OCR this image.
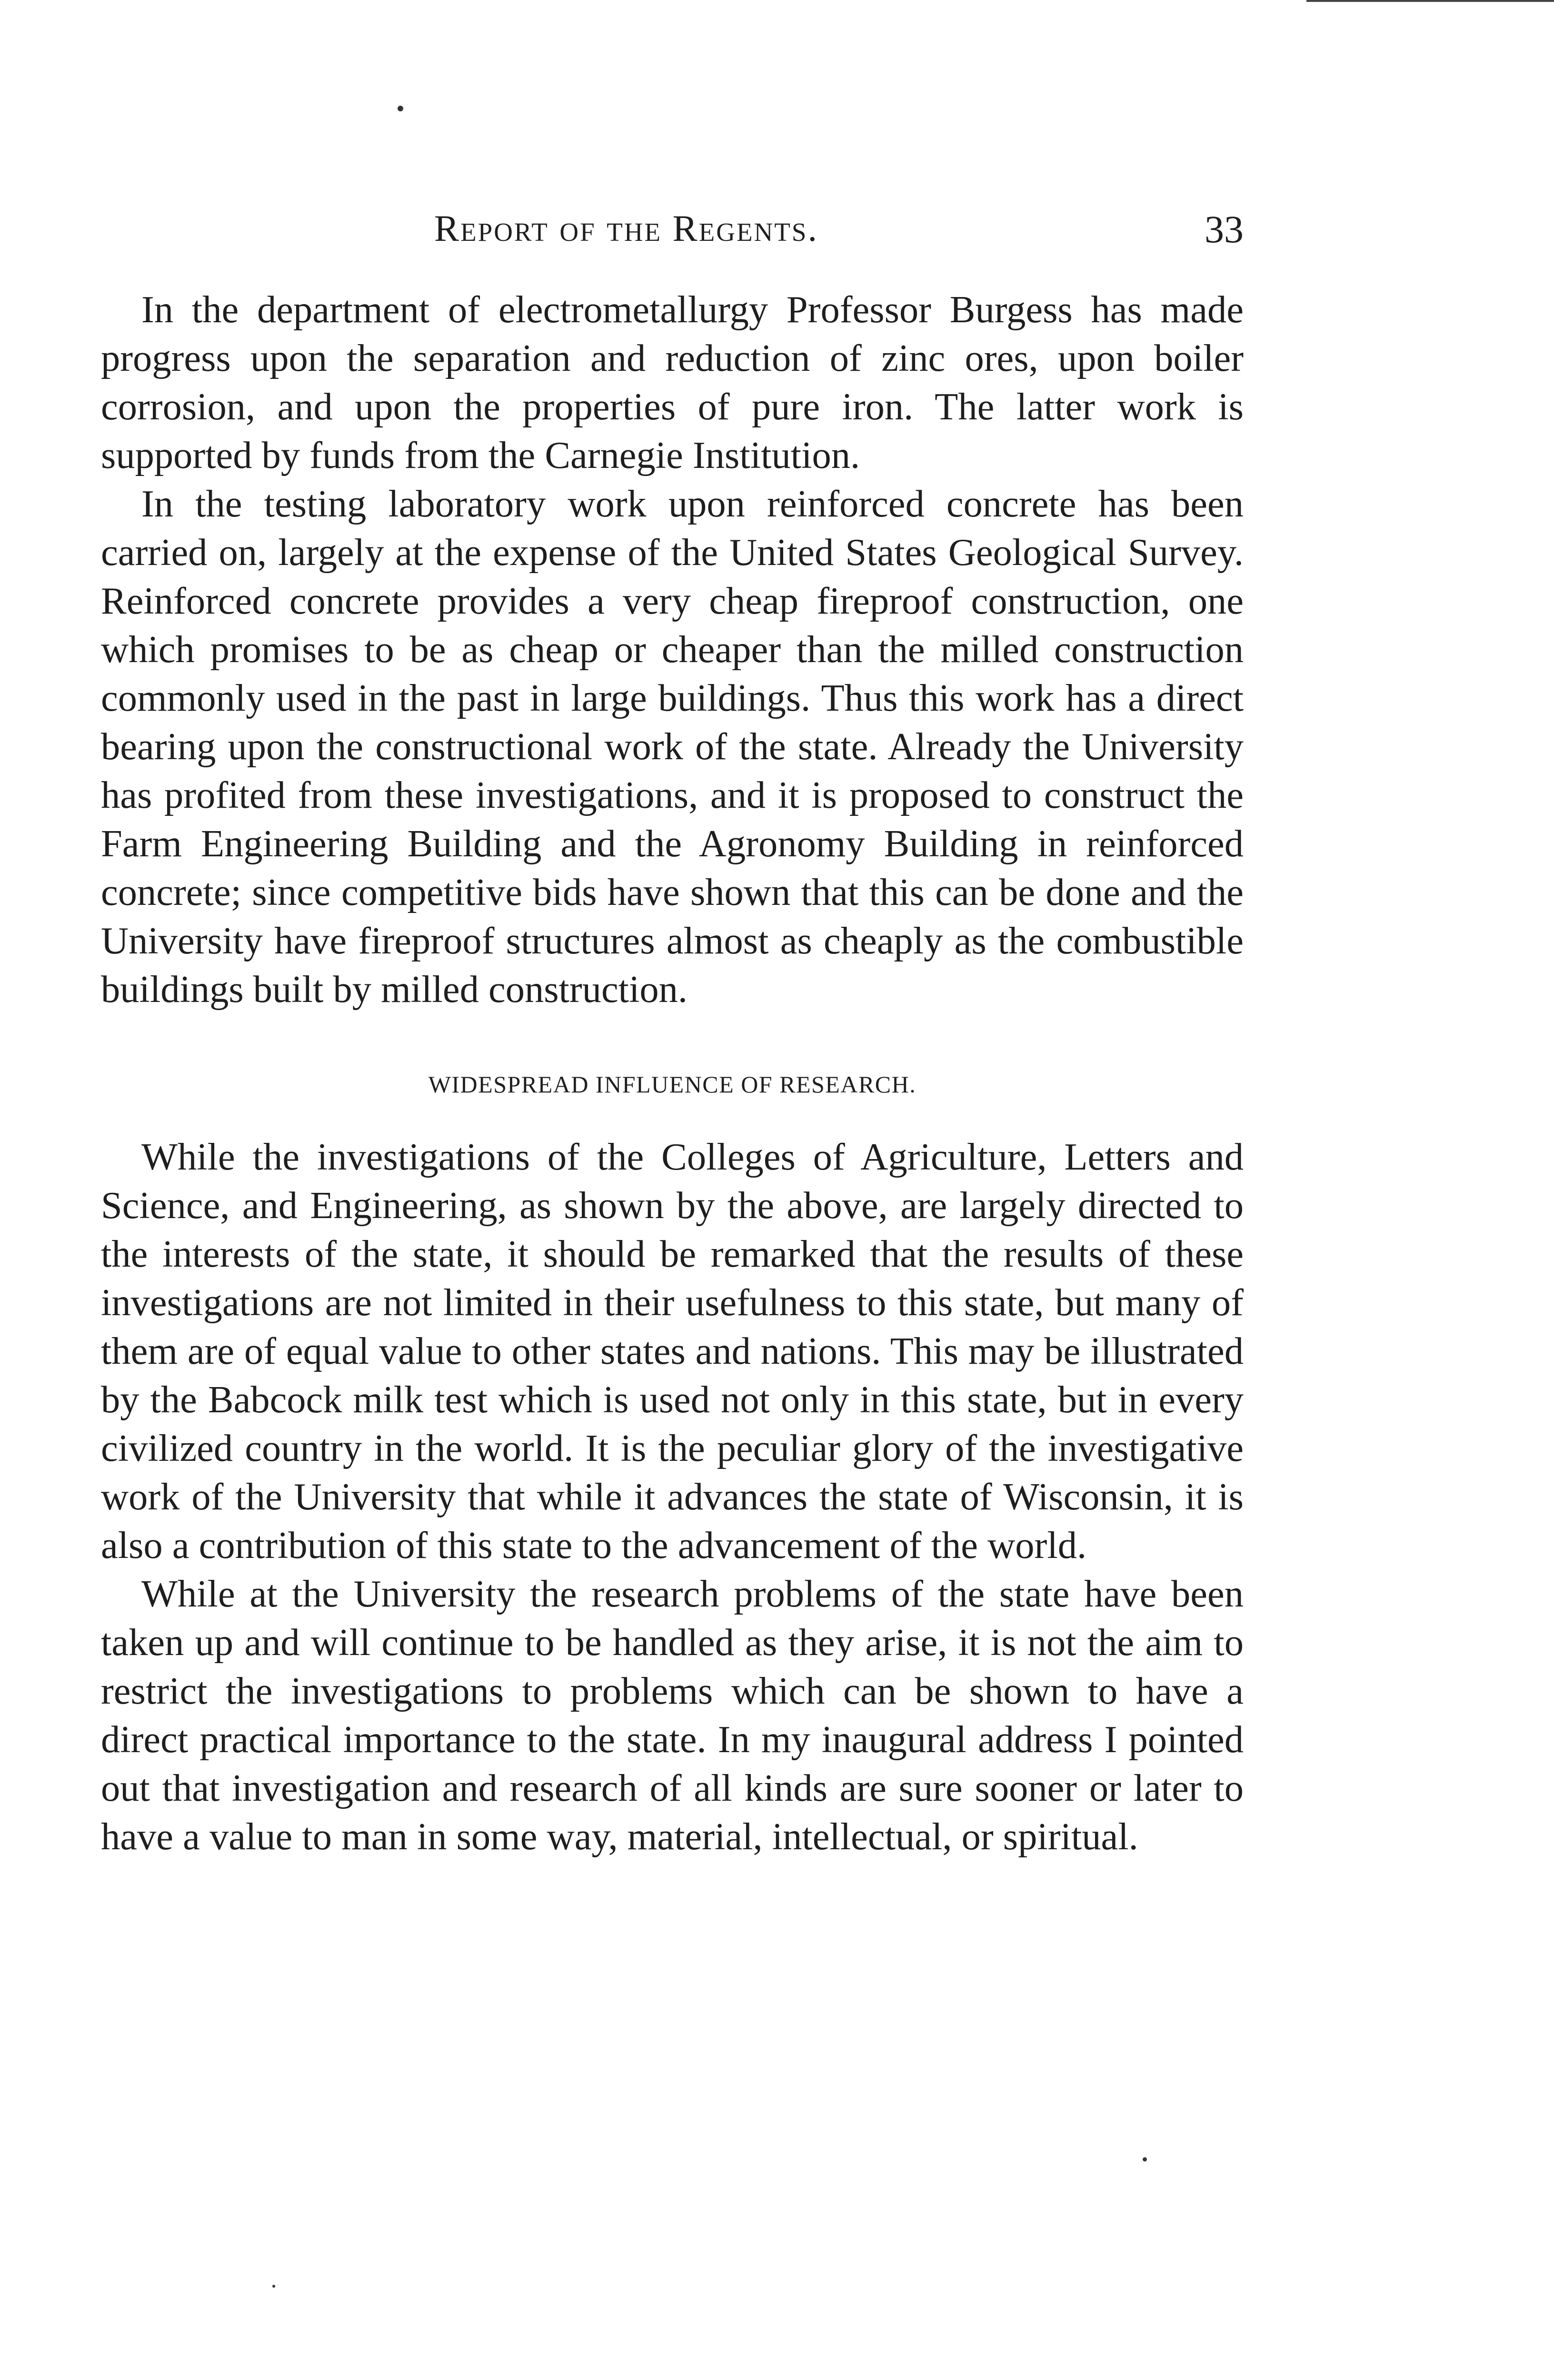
Report of the Regents.	33

In the department of electrometallurgy Professor Burgess has made progress upon the separation and reduction of zinc ores, upon boiler corrosion, and upon the properties of pure iron. The latter work is supported by funds from the Carnegie Institution.

In the testing laboratory work upon reinforced concrete has been carried on, largely at the expense of the United States Geological Survey. Reinforced concrete provides a very cheap fireproof construction, one which promises to be as cheap or cheaper than the milled construction commonly used in the past in large buildings. Thus this work has a direct bearing upon the constructional work of the state. Already the University has profited from these investigations, and it is proposed to construct the Farm Engineering Building and the Agronomy Building in reinforced concrete; since competitive bids have shown that this can be done and the University have fireproof structures almost as cheaply as the combustible buildings built by milled construction.

WIDESPREAD INFLUENCE OF RESEARCH.

While the investigations of the Colleges of Agriculture, Letters and Science, and Engineering, as shown by the above, are largely directed to the interests of the state, it should be remarked that the results of these investigations are not limited in their usefulness to this state, but many of them are of equal value to other states and nations. This may be illustrated by the Babcock milk test which is used not only in this state, but in every civilized country in the world. It is the peculiar glory of the investigative work of the University that while it advances the state of Wisconsin, it is also a contribution of this state to the advancement of the world.

While at the University the research problems of the state have been taken up and will continue to be handled as they arise, it is not the aim to restrict the investigations to problems which can be shown to have a direct practical importance to the state. In my inaugural address I pointed out that investigation and research of all kinds are sure sooner or later to have a value to man in some way, material, intellectual, or spiritual.
